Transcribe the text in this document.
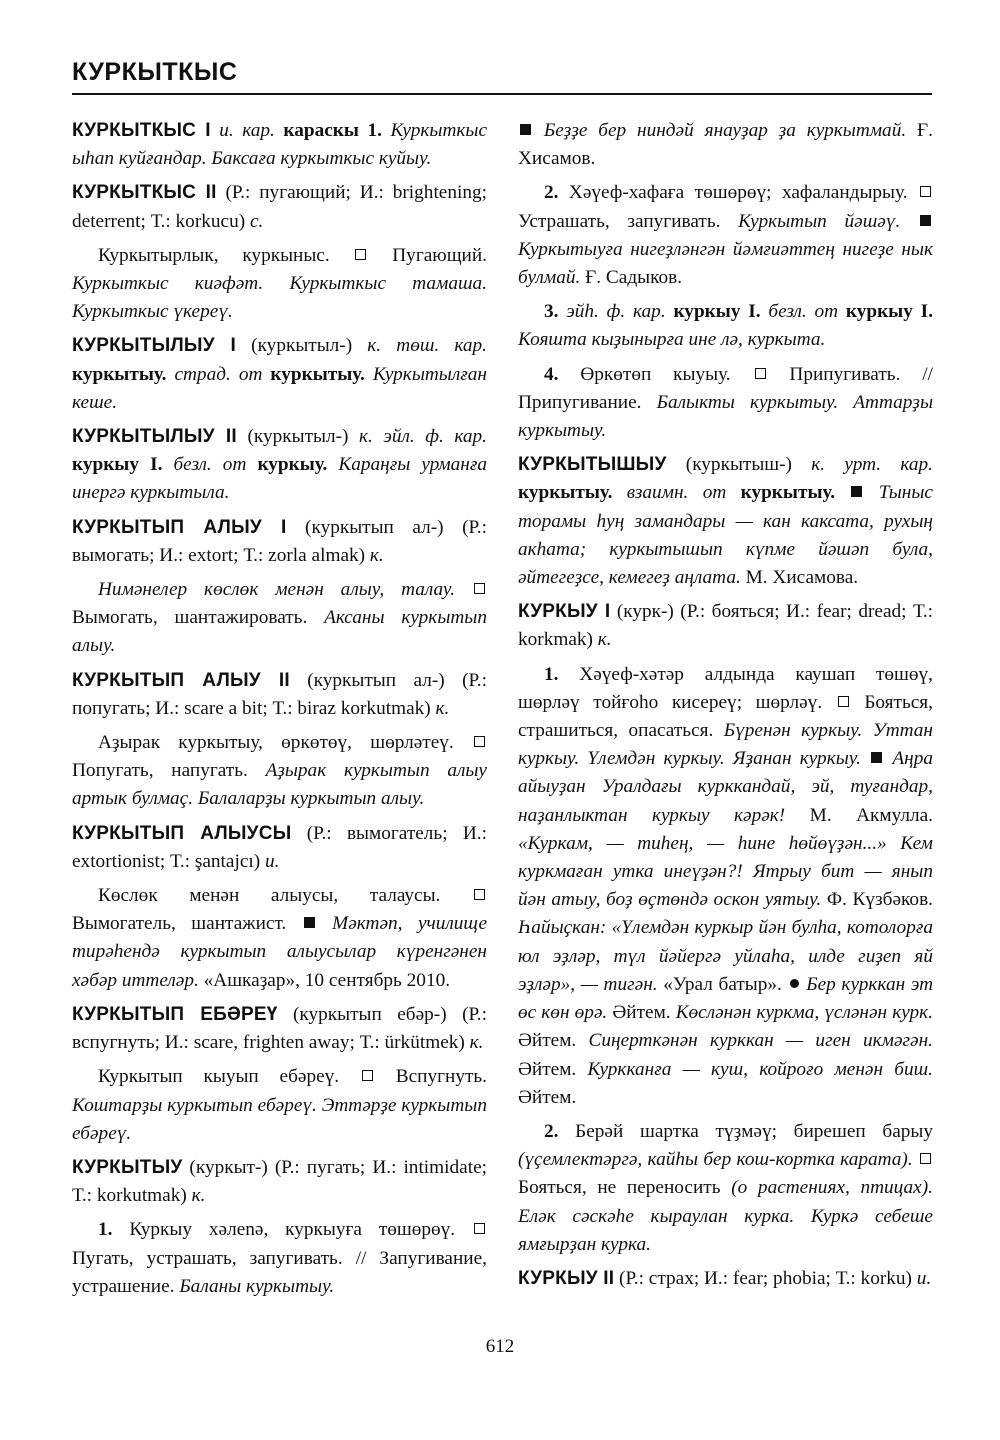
КУРКЫТКЫС

КУРКЫТКЫС I и. кар. караскы 1. Куркыткыс ыһап куйғандар. Баксаға куркыткыс куйыу.

КУРКЫТКЫС II (Р.: пугающий; И.: brightening; deterrent; Т.: korkucu) с.

Куркытырлык, куркыныс.  Пугающий. Куркыткыс киәфәт. Куркыткыс тамаша. Куркыткыс үкереү.

КУРКЫТЫЛЫУ I (куркытыл-) к. төш. кар. куркытыу. страд. от куркытыу. Куркытылған кеше.

КУРКЫТЫЛЫУ II (куркытыл-) к. эйл. ф. кар. куркыу I. безл. от куркыу. Караңғы урманға инергә куркытыла.

КУРКЫТЫП АЛЫУ I (куркытып ал-) (Р.: вымогать; И.: extort; Т.: zorla almak) к.

Нимәнелер көслөк менән алыу, талау.  Вымогать, шантажировать. Аксаны куркытып алыу.

КУРКЫТЫП АЛЫУ II (куркытып ал-) (Р.: попугать; И.: scare a bit; Т.: biraz korkutmak) к.

Аҙырак куркытыу, өркөтөү, шөрләтеү.  Попугать, напугать. Аҙырак куркытып алыу артык булмаç. Балаларҙы куркытып алыу.

КУРКЫТЫП АЛЫУСЫ (Р.: вымогатель; И.: extortionist; Т.: şantajcı) и.

Көслөк менән алыусы, талаусы.  Вымогатель, шантажист.  Мәктәп, училище тирәһендә куркытып алыусылар күренгәнен хәбәр иттеләр. «Ашкаҙар», 10 сентябрь 2010.

КУРКЫТЫП ЕБӘРЕҮ (куркытып ебәр-) (Р.: вспугнуть; И.: scare, frighten away; Т.: ürkütmek) к.

Куркытып кыуып ебәреү.  Вспугнуть. Коштарҙы куркытып ебәреү. Эттәрҙе куркытып ебәреү.

КУРКЫТЫУ (куркыт-) (Р.: пугать; И.: intimidate; Т.: korkutmak) к.

1. Куркыу хәлenә, куркыуға төшөрөү.  Пугать, устрашать, запугивать. // Запугивание, устрашение. Баланы куркытыу.

Беҙҙе бер ниндәй янауҙар ҙа куркытмай. Ғ. Хисамов.

2. Хәүеф-хафаға төшөрөү; хафаландырыу.  Устрашать, запугивать. Куркытып йәшәү.  Куркытыуға нигеҙләнгән йәмғиәттең нигеҙе нык булмай. Ғ. Садыков.

3. эйһ. ф. кар. куркыу I. безл. от куркыу I. Кояшта кыҙынырға ине лә, куркыта.

4. Өркөтөп кыуыу.  Припугивать. // Припугивание. Балыкты куркытыу. Аттарҙы куркытыу.

КУРКЫТЫШЫУ (куркытыш-) к. урт. кар. куркытыу. взаимн. от куркытыу. Тыныс торамы һуң замандары — кан каксата, рухың акһата; куркытышып күпме йәшәп була, әйтегеҙсе, кемегеҙ аңлата. М. Хисамова.

КУРКЫУ I (курк-) (Р.: бояться; И.: fear; dread; Т.: korkmak) к.

1. Хәүеф-хәтәр алдында каушап төшөү, шөрләү тойғоһо кисереү; шөрләү.  Бояться, страшиться, опасаться. Бүренән куркыу. Уттан куркыу. Үлемдән куркыу. Яҙанан куркыу. Аңра айыуҙан Уралдағы курккандай, эй, туғандар, наҙанлыктан куркыу кәрәк! М. Акмулла. «Куркам, — тиһең, — һине һөйөүҙән...» Кем куркмаған утка инеүҙән?! Ятрыу бит — янып йән атыу, боҙ өҫтөндә оскон уятыу. Ф. Күзбәков. Һайыҫкан: «Үлемдән куркыр йән булһа, котолорға юл эҙләр, түл йәйергә уйлаһа, илде гиҙеп яй эҙләр», — тигән. «Урал батыр».  Бер курккан эт өс көн өрә. Әйтем. Көсләнән куркма, үсләнән курк. Әйтем. Сиңерткәнән курккан — иген икмәгән. Әйтем. Куркканға — куш, койроғо менән биш. Әйтем.

2. Берәй шартка түҙмәү; бирешеп барыу (үҫемлектәргә, кайһы бер кош-кортка карата).  Бояться, не переносить (о растениях, птицах). Еләк сәскәһе кыраулан курка. Куркә себеше ямғырҙан курка.

КУРКЫУ II (Р.: страх; И.: fear; phobia; Т.: korku) и.

612
